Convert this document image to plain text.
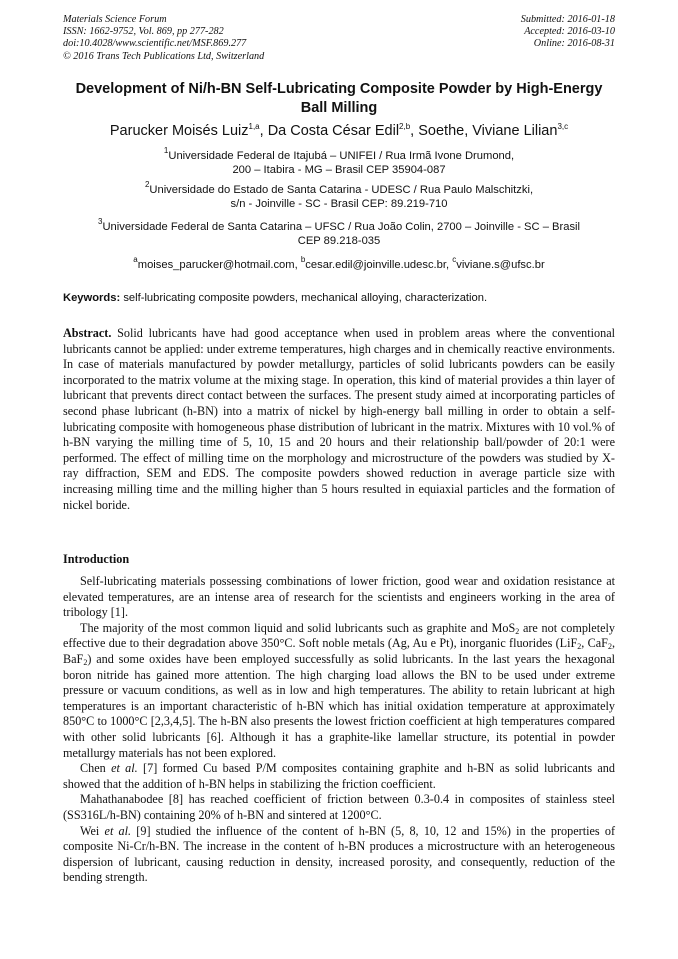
Materials Science Forum
ISSN: 1662-9752, Vol. 869, pp 277-282
doi:10.4028/www.scientific.net/MSF.869.277
© 2016 Trans Tech Publications Ltd, Switzerland
Submitted: 2016-01-18
Accepted: 2016-03-10
Online: 2016-08-31
Development of Ni/h-BN Self-Lubricating Composite Powder by High-Energy Ball Milling
Parucker Moisés Luiz$^{1,a}$, Da Costa César Edil$^{2,b}$, Soethe, Viviane Lilian$^{3,c}$
$^1$Universidade Federal de Itajubá – UNIFEI / Rua Irmã Ivone Drumond,
200 – Itabira - MG – Brasil CEP 35904-087
$^2$Universidade do Estado de Santa Catarina - UDESC / Rua Paulo Malschitzki,
s/n - Joinville - SC - Brasil CEP: 89.219-710
$^3$Universidade Federal de Santa Catarina – UFSC / Rua João Colin, 2700 – Joinville - SC – Brasil
CEP 89.218-035
$^a$moises_parucker@hotmail.com, $^b$cesar.edil@joinville.udesc.br, $^c$viviane.s@ufsc.br
Keywords: self-lubricating composite powders, mechanical alloying, characterization.
Abstract. Solid lubricants have had good acceptance when used in problem areas where the conventional lubricants cannot be applied: under extreme temperatures, high charges and in chemically reactive environments. In case of materials manufactured by powder metallurgy, particles of solid lubricants powders can be easily incorporated to the matrix volume at the mixing stage. In operation, this kind of material provides a thin layer of lubricant that prevents direct contact between the surfaces. The present study aimed at incorporating particles of second phase lubricant (h-BN) into a matrix of nickel by high-energy ball milling in order to obtain a self-lubricating composite with homogeneous phase distribution of lubricant in the matrix. Mixtures with 10 vol.% of h-BN varying the milling time of 5, 10, 15 and 20 hours and their relationship ball/powder of 20:1 were performed. The effect of milling time on the morphology and microstructure of the powders was studied by X-ray diffraction, SEM and EDS. The composite powders showed reduction in average particle size with increasing milling time and the milling higher than 5 hours resulted in equiaxial particles and the formation of nickel boride.
Introduction

Self-lubricating materials possessing combinations of lower friction, good wear and oxidation resistance at elevated temperatures, are an intense area of research for the scientists and engineers working in the area of tribology [1].

The majority of the most common liquid and solid lubricants such as graphite and MoS$_2$ are not completely effective due to their degradation above 350°C. Soft noble metals (Ag, Au e Pt), inorganic fluorides (LiF$_2$, CaF$_2$, BaF$_2$) and some oxides have been employed successfully as solid lubricants. In the last years the hexagonal boron nitride has gained more attention. The high charging load allows the BN to be used under extreme pressure or vacuum conditions, as well as in low and high temperatures. The ability to retain lubricant at high temperatures is an important characteristic of h-BN which has initial oxidation temperature at approximately 850°C to 1000°C [2,3,4,5]. The h-BN also presents the lowest friction coefficient at high temperatures compared with other solid lubricants [6]. Although it has a graphite-like lamellar structure, its potential in powder metallurgy materials has not been explored.

Chen et al. [7] formed Cu based P/M composites containing graphite and h-BN as solid lubricants and showed that the addition of h-BN helps in stabilizing the friction coefficient.

Mahathanabodee [8] has reached coefficient of friction between 0.3-0.4 in composites of stainless steel (SS316L/h-BN) containing 20% of h-BN and sintered at 1200°C.

Wei et al. [9] studied the influence of the content of h-BN (5, 8, 10, 12 and 15%) in the properties of composite Ni-Cr/h-BN. The increase in the content of h-BN produces a microstructure with an heterogeneous dispersion of lubricant, causing reduction in density, increased porosity, and consequently, reduction of the bending strength.
